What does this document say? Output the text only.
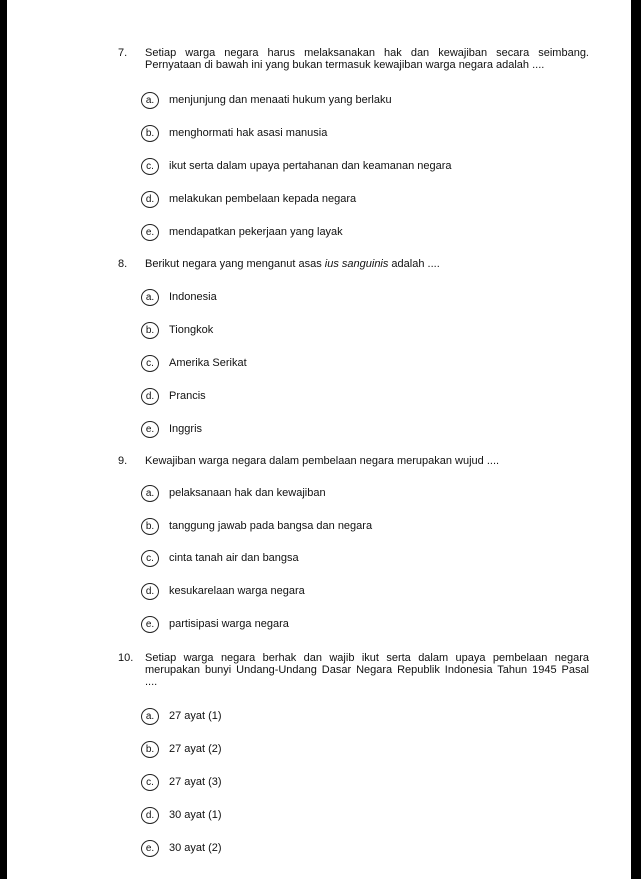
7. Setiap warga negara harus melaksanakan hak dan kewajiban secara seimbang.
Pernyataan di bawah ini yang bukan termasuk kewajiban warga negara adalah ....
a.	menjunjung dan menaati hukum yang berlaku
b.	menghormati hak asasi manusia
c.	ikut serta dalam upaya pertahanan dan keamanan negara
d.	melakukan pembelaan kepada negara
e.	mendapatkan pekerjaan yang layak
8. Berikut negara yang menganut asas ius sanguinis adalah ....
a.	Indonesia
b.	Tiongkok
c.	Amerika Serikat
d.	Prancis
e.	Inggris
9. Kewajiban warga negara dalam pembelaan negara merupakan wujud ....
a.	pelaksanaan hak dan kewajiban
b.	tanggung jawab pada bangsa dan negara
c.	cinta tanah air dan bangsa
d.	kesukarelaan warga negara
e.	partisipasi warga negara
10. Setiap warga negara berhak dan wajib ikut serta dalam upaya pembelaan negara
merupakan bunyi Undang-Undang Dasar Negara Republik Indonesia Tahun 1945 Pasal
....
a.	27 ayat (1)
b.	27 ayat (2)
c.	27 ayat (3)
d.	30 ayat (1)
e.	30 ayat (2)
